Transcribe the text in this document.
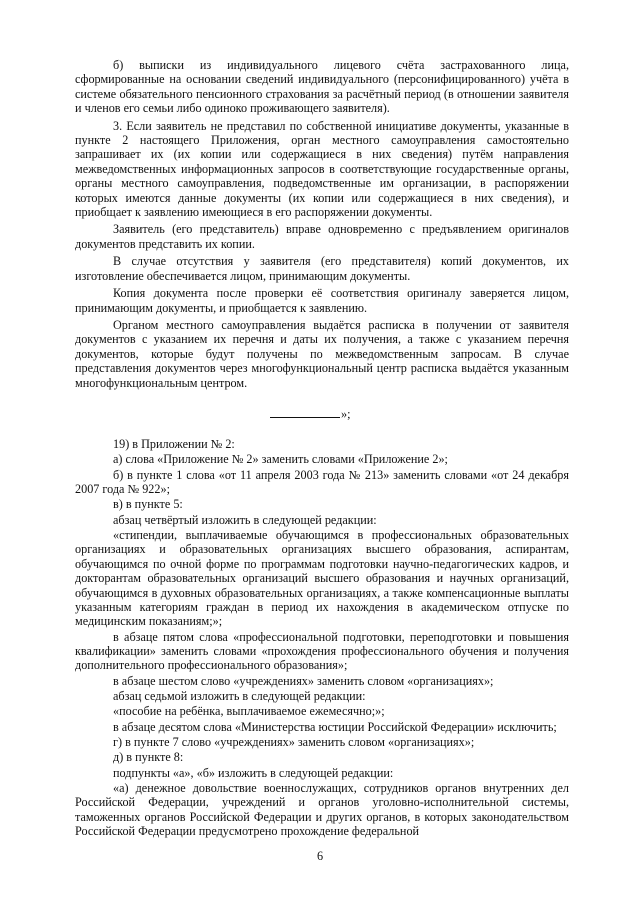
б) выписки из индивидуального лицевого счёта застрахованного лица, сформированные на основании сведений индивидуального (персонифицированного) учёта в системе обязательного пенсионного страхования за расчётный период (в отношении заявителя и членов его семьи либо одиноко проживающего заявителя).

3. Если заявитель не представил по собственной инициативе документы, указанные в пункте 2 настоящего Приложения, орган местного самоуправления самостоятельно запрашивает их (их копии или содержащиеся в них сведения) путём направления межведомственных информационных запросов в соответствующие государственные органы, органы местного самоуправления, подведомственные им организации, в распоряжении которых имеются данные документы (их копии или содержащиеся в них сведения), и приобщает к заявлению имеющиеся в его распоряжении документы.

Заявитель (его представитель) вправе одновременно с предъявлением оригиналов документов представить их копии.

В случае отсутствия у заявителя (его представителя) копий документов, их изготовление обеспечивается лицом, принимающим документы.

Копия документа после проверки её соответствия оригиналу заверяется лицом, принимающим документы, и приобщается к заявлению.

Органом местного самоуправления выдаётся расписка в получении от заявителя документов с указанием их перечня и даты их получения, а также с указанием перечня документов, которые будут получены по межведомственным запросам. В случае представления документов через многофункциональный центр расписка выдаётся указанным многофункциональным центром.

»;

19) в Приложении № 2:

а) слова «Приложение № 2» заменить словами «Приложение 2»;

б) в пункте 1 слова «от 11 апреля 2003 года № 213» заменить словами «от 24 декабря 2007 года № 922»;

в) в пункте 5:

абзац четвёртый изложить в следующей редакции:

«стипендии, выплачиваемые обучающимся в профессиональных образовательных организациях и образовательных организациях высшего образования, аспирантам, обучающимся по очной форме по программам подготовки научно-педагогических кадров, и докторантам образовательных организаций высшего образования и научных организаций, обучающимся в духовных образовательных организациях, а также компенсационные выплаты указанным категориям граждан в период их нахождения в академическом отпуске по медицинским показаниям;»;

в абзаце пятом слова «профессиональной подготовки, переподготовки и повышения квалификации» заменить словами «прохождения профессионального обучения и получения дополнительного профессионального образования»;

в абзаце шестом слово «учреждениях» заменить словом «организациях»;

абзац седьмой изложить в следующей редакции:

«пособие на ребёнка, выплачиваемое ежемесячно;»;

в абзаце десятом слова «Министерства юстиции Российской Федерации» исключить;

г) в пункте 7 слово «учреждениях» заменить словом «организациях»;

д) в пункте 8:

подпункты «а», «б» изложить в следующей редакции:

«а) денежное довольствие военнослужащих, сотрудников органов внутренних дел Российской Федерации, учреждений и органов уголовно-исполнительной системы, таможенных органов Российской Федерации и других органов, в которых законодательством Российской Федерации предусмотрено прохождение федеральной

6
